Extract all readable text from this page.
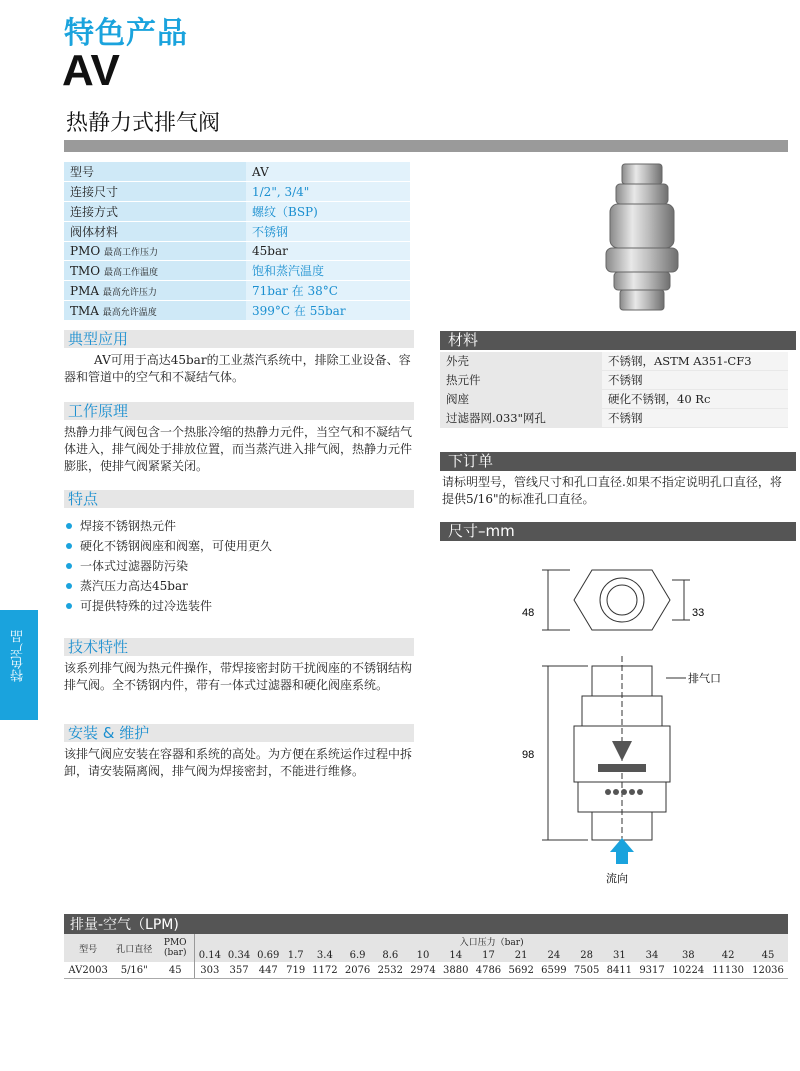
特色产品
AV
热静力式排气阀
型号	AV
连接尺寸	1/2", 3/4"
连接方式	螺纹（BSP)
阀体材料	不锈钢
PMO 最高工作压力	45bar
TMO 最高工作温度	饱和蒸汽温度
PMA 最高允许压力	71bar 在 38°C
TMA 最高允许温度	399°C 在 55bar
典型应用
AV可用于高达45bar的工业蒸汽系统中，排除工业设备、容器和管道中的空气和不凝结气体。
工作原理
热静力排气阀包含一个热胀冷缩的热静力元件，当空气和不凝结气体进入，排气阀处于排放位置，而当蒸汽进入排气阀，热静力元件膨胀，使排气阀紧紧关闭。
特点
焊接不锈钢热元件
硬化不锈钢阀座和阀塞，可使用更久
一体式过滤器防污染
蒸汽压力高达45bar
可提供特殊的过冷选装件
技术特性
该系列排气阀为热元件操作，带焊接密封防干扰阀座的不锈钢结构排气阀。全不锈钢内件，带有一体式过滤器和硬化阀座系统。
安装 & 维护
该排气阀应安装在容器和系统的高处。为方便在系统运作过程中拆卸，请安装隔离阀，排气阀为焊接密封，不能进行维修。
特色产品
材料
外壳	不锈钢，ASTM A351-CF3
热元件	不锈钢
阀座	硬化不锈钢，40 Rc
过滤器网.033"网孔	不锈钢
下订单
请标明型号，管线尺寸和孔口直径.如果不指定说明孔口直径，将提供5/16"的标准孔口直径。
尺寸–mm
48	33
98
排气口
流向
排量-空气（LPM)																				
型号	孔口直径	PMO (bar)	入口压力（bar)																	
			0.14	0.34	0.69	1.7	3.4	6.9	8.6	10	14	17	21	24	28	31	34	38	42	45
AV2003	5/16"	45	303	357	447	719	1172	2076	2532	2974	3880	4786	5692	6599	7505	8411	9317	10224	11130	12036
